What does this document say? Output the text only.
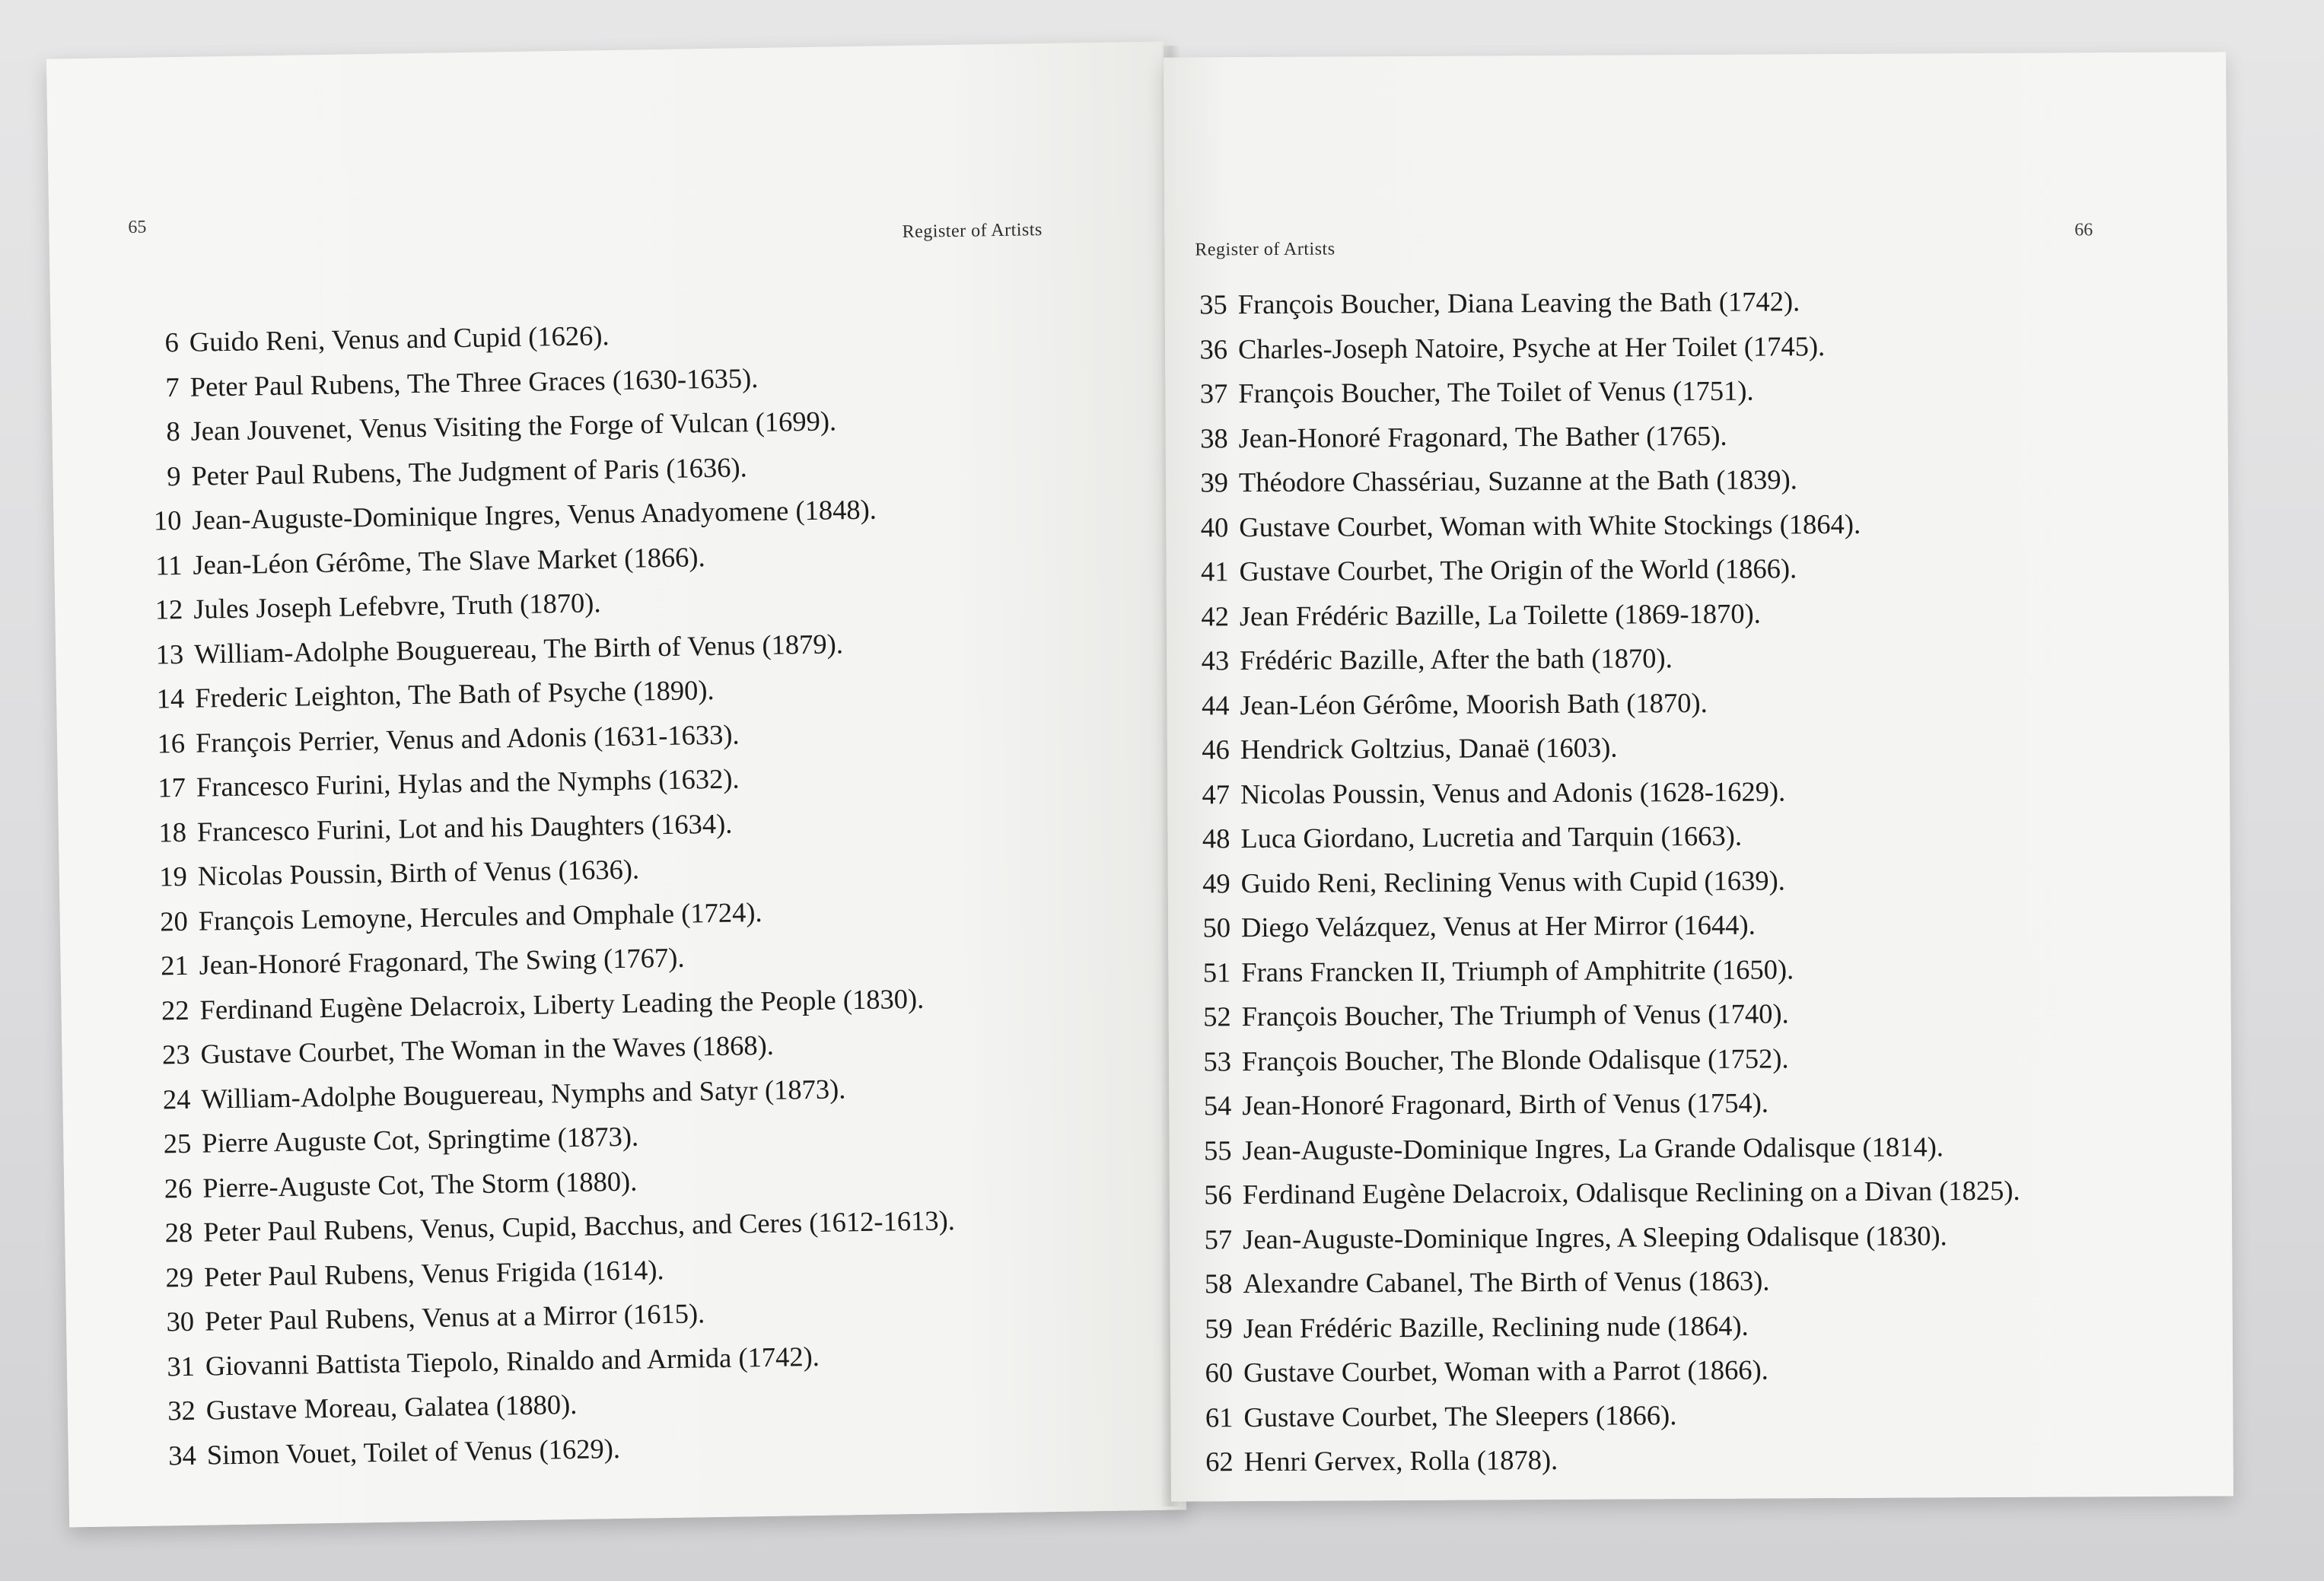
65	Register of Artists
6 Guido Reni, Venus and Cupid (1626).
7 Peter Paul Rubens, The Three Graces (1630-1635).
8 Jean Jouvenet, Venus Visiting the Forge of Vulcan (1699).
9 Peter Paul Rubens, The Judgment of Paris (1636).
10 Jean-Auguste-Dominique Ingres, Venus Anadyomene (1848).
11 Jean-Léon Gérôme, The Slave Market (1866).
12 Jules Joseph Lefebvre, Truth (1870).
13 William-Adolphe Bouguereau, The Birth of Venus (1879).
14 Frederic Leighton, The Bath of Psyche (1890).
16 François Perrier, Venus and Adonis (1631-1633).
17 Francesco Furini, Hylas and the Nymphs (1632).
18 Francesco Furini, Lot and his Daughters (1634).
19 Nicolas Poussin, Birth of Venus (1636).
20 François Lemoyne, Hercules and Omphale (1724).
21 Jean-Honoré Fragonard, The Swing (1767).
22 Ferdinand Eugène Delacroix, Liberty Leading the People (1830).
23 Gustave Courbet, The Woman in the Waves (1868).
24 William-Adolphe Bouguereau, Nymphs and Satyr (1873).
25 Pierre Auguste Cot, Springtime (1873).
26 Pierre-Auguste Cot, The Storm (1880).
28 Peter Paul Rubens, Venus, Cupid, Bacchus, and Ceres (1612-1613).
29 Peter Paul Rubens, Venus Frigida (1614).
30 Peter Paul Rubens, Venus at a Mirror (1615).
31 Giovanni Battista Tiepolo, Rinaldo and Armida (1742).
32 Gustave Moreau, Galatea (1880).
34 Simon Vouet, Toilet of Venus (1629).
66
Register of Artists
35 François Boucher, Diana Leaving the Bath (1742).
36 Charles-Joseph Natoire, Psyche at Her Toilet (1745).
37 François Boucher, The Toilet of Venus (1751).
38 Jean-Honoré Fragonard, The Bather (1765).
39 Théodore Chassériau, Suzanne at the Bath (1839).
40 Gustave Courbet, Woman with White Stockings (1864).
41 Gustave Courbet, The Origin of the World (1866).
42 Jean Frédéric Bazille, La Toilette (1869-1870).
43 Frédéric Bazille, After the bath (1870).
44 Jean-Léon Gérôme, Moorish Bath (1870).
46 Hendrick Goltzius, Danaë (1603).
47 Nicolas Poussin, Venus and Adonis (1628-1629).
48 Luca Giordano, Lucretia and Tarquin (1663).
49 Guido Reni, Reclining Venus with Cupid (1639).
50 Diego Velázquez, Venus at Her Mirror (1644).
51 Frans Francken II, Triumph of Amphitrite (1650).
52 François Boucher, The Triumph of Venus (1740).
53 François Boucher, The Blonde Odalisque (1752).
54 Jean-Honoré Fragonard, Birth of Venus (1754).
55 Jean-Auguste-Dominique Ingres, La Grande Odalisque (1814).
56 Ferdinand Eugène Delacroix, Odalisque Reclining on a Divan (1825).
57 Jean-Auguste-Dominique Ingres, A Sleeping Odalisque (1830).
58 Alexandre Cabanel, The Birth of Venus (1863).
59 Jean Frédéric Bazille, Reclining nude (1864).
60 Gustave Courbet, Woman with a Parrot (1866).
61 Gustave Courbet, The Sleepers (1866).
62 Henri Gervex, Rolla (1878).
